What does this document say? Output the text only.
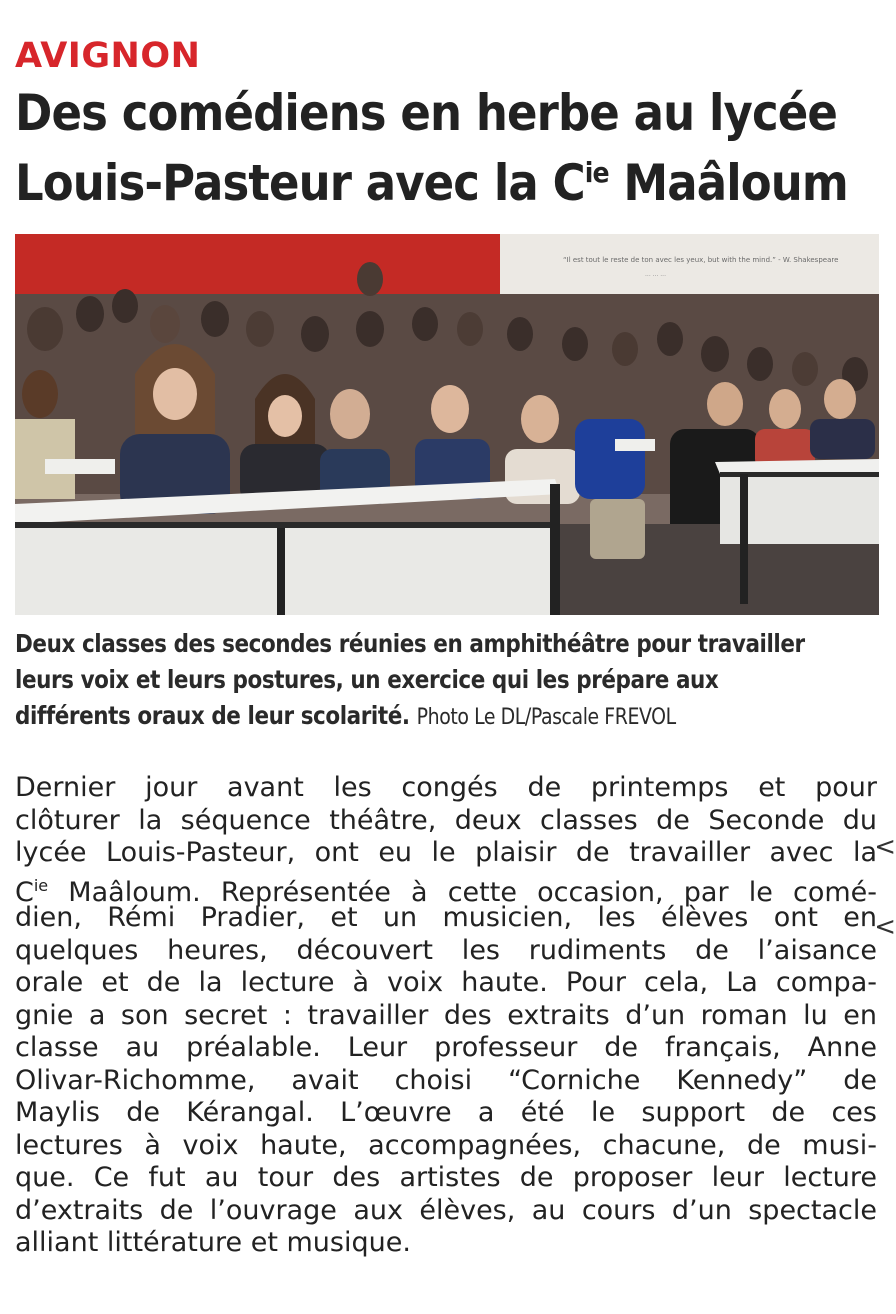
AVIGNON
Des comédiens en herbe au lycée
Louis-Pasteur avec la $C^{ie}$ Maâloum
“Il est tout le reste de ton avec les yeux, but with the mind.” - W. Shakespeare
... ... ...
Deux classes des secondes réunies en amphithéâtre pour travailler
leurs voix et leurs postures, un exercice qui les prépare aux
différents oraux de leur scolarité. Photo Le DL/Pascale FREVOL
Dernier jour avant les congés de printemps et pour
clôturer la séquence théâtre, deux classes de Seconde du
lycée Louis-Pasteur, ont eu le plaisir de travailler avec la
$C^{ie}$ Maâloum. Représentée à cette occasion, par le comé-
dien, Rémi Pradier, et un musicien, les élèves ont en
quelques heures, découvert les rudiments de l’aisance
orale et de la lecture à voix haute. Pour cela, La compa-
gnie a son secret : travailler des extraits d’un roman lu en
classe au préalable. Leur professeur de français, Anne
Olivar-Richomme, avait choisi “Corniche Kennedy” de
Maylis de Kérangal. L’œuvre a été le support de ces
lectures à voix haute, accompagnées, chacune, de musi-
que. Ce fut au tour des artistes de proposer leur lecture
d’extraits de l’ouvrage aux élèves, au cours d’un spectacle
alliant littérature et musique.
<
<
